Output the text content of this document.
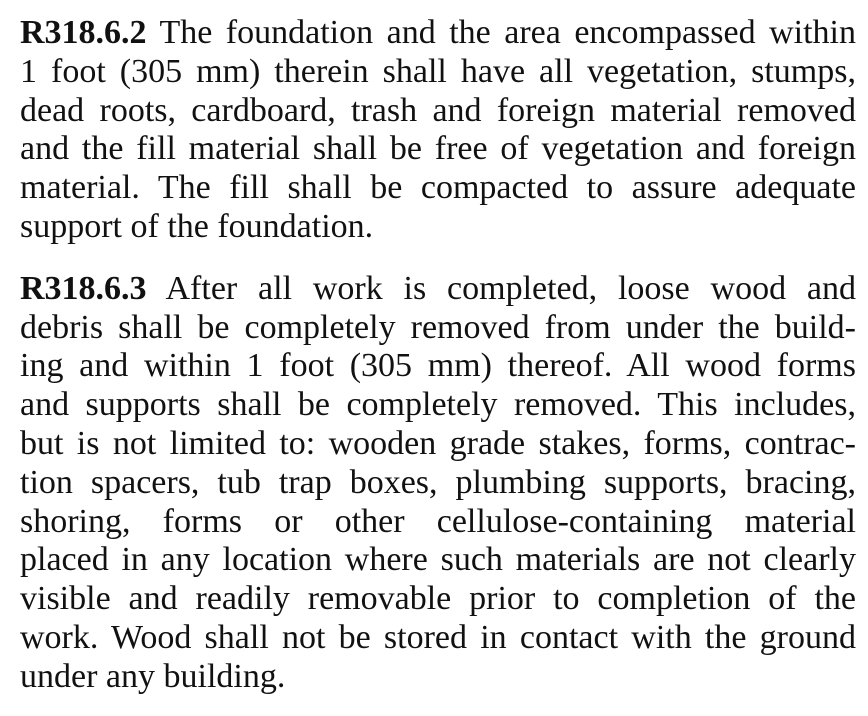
R318.6.2 The foundation and the area encompassed within
1 foot (305 mm) therein shall have all vegetation, stumps,
dead roots, cardboard, trash and foreign material removed
and the fill material shall be free of vegetation and foreign
material. The fill shall be compacted to assure adequate
support of the foundation.
R318.6.3 After all work is completed, loose wood and
debris shall be completely removed from under the build-
ing and within 1 foot (305 mm) thereof. All wood forms
and supports shall be completely removed. This includes,
but is not limited to: wooden grade stakes, forms, contrac-
tion spacers, tub trap boxes, plumbing supports, bracing,
shoring, forms or other cellulose-containing material
placed in any location where such materials are not clearly
visible and readily removable prior to completion of the
work. Wood shall not be stored in contact with the ground
under any building.
